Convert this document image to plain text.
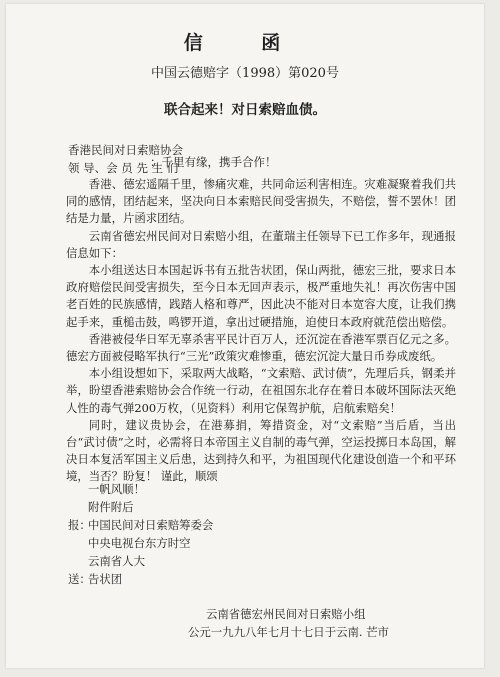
信 函
中国云德赔字（1998）第020号
联合起来！对日索赔血债。
香港民间对日索赔协会
领 导、会 员 先 生 们
：千里有缘，携手合作！

香港、德宏遥隔千里，惨痛灾难，共同命运利害相连。灾难凝聚着我们共同的感情，团结起来，坚决向日本索赔民间受害损失，不赔偿，誓不罢休！团结是力量，片函求团结。

云南省德宏州民间对日索赔小组，在董瑞主任领导下已工作多年，现通报信息如下：

本小组送达日本国起诉书有五批告状团，保山两批，德宏三批，要求日本政府赔偿民间受害损失，至今日本无回声表示，极严重地失礼！再次伤害中国老百姓的民族感情，践踏人格和尊严，因此决不能对日本宽容大度，让我们携起手来，重槌击鼓，鸣锣开道，拿出过硬措施，迫使日本政府就范偿出赔偿。

香港被侵华日军无辜杀害平民计百万人，还沉淀在香港军票百亿元之多。德宏方面被侵略军执行“三光”政策灾难惨重，德宏沉淀大量日币券成废纸。

本小组设想如下，采取两大战略，“文索赔、武讨债”，先理后兵，钢柔并举，盼望香港索赔协会合作统一行动，在祖国东北存在着日本破坏国际法灭绝人性的毒气弹200万枚，（见资料）利用它保驾护航，启航索赔矣！

同时，建议贵协会，在港募捐，筹措资金，对“文索赔”当后盾，当出台“武讨债”之时，必需将日本帝国主义自制的毒气弹，空运投掷日本岛国，解决日本复活军国主义后患，达到持久和平，为祖国现代化建设创造一个和平环境，当否？盼复！ 谨此，顺颂

一帆风顺！
附件附后
报：
中国民间对日索赔筹委会
中央电视台东方时空
云南省人大
送：
告状团
云南省德宏州民间对日索赔小组
公元一九九八年七月十七日于云南. 芒市
